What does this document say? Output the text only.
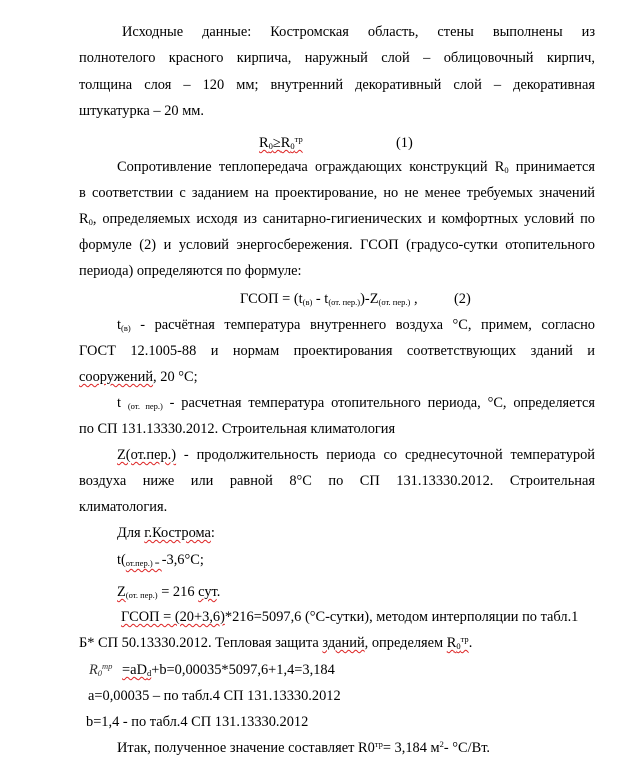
Исходные данные: Костромская область, стены выполнены из
полнотелого красного кирпича, наружный слой – облицовочный кирпич,
толщина слоя – 120 мм; внутренний декоративный слой – декоративная
штукатурка – 20 мм.
$R_0\ge R_0^{тр}$	(1)
Сопротивление теплопередача ограждающих конструкций $R_0$ принимается
в соответствии с заданием на проектирование, но не менее требуемых значений
$R_0$, определяемых исходя из санитарно-гигиенических и комфортных условий по
формуле (2) и условий энергосбережения. ГСОП (градусо-сутки отопительного
периода) определяются по формуле:
ГСОП = $(t_{(в)} - t_{(от. пер.)})-Z_{(от. пер.)}$ ,	(2)
$t_{(в)}$ - расчётная температура внутреннего воздуха °С, примем, согласно
ГОСТ 12.1005-88 и нормам проектирования соответствующих зданий и
сооружений, 20 °С;
t $_{(от. пер.)}$ - расчетная температура отопительного периода, °С, определяется
по СП 131.13330.2012. Строительная климатология
Z(от.пер.) - продолжительность периода со среднесуточной температурой
воздуха ниже или равной 8°С по СП 131.13330.2012. Строительная
климатология.
Для г.Кострома:
$t(_{от.пер.) =}$ -3,6°С;
$Z_{(от. пер.)} = 216$ сут.
ГСОП = (20+3,6)*216=5097,6 (°С-сутки), методом интерполяции по табл.1
Б* СП 50.13330.2012. Тепловая защита зданий, определяем $R_0^{тр}$.
$R_0^{тр} =aD_d+b=0,00035*5097,6+1,4=3,184$
a=0,00035 – по табл.4 СП 131.13330.2012
b=1,4 - по табл.4 СП 131.13330.2012
Итак, полученное значение составляет $R0^{тр}= 3,184$ $м^2-$ °С/Вт.
